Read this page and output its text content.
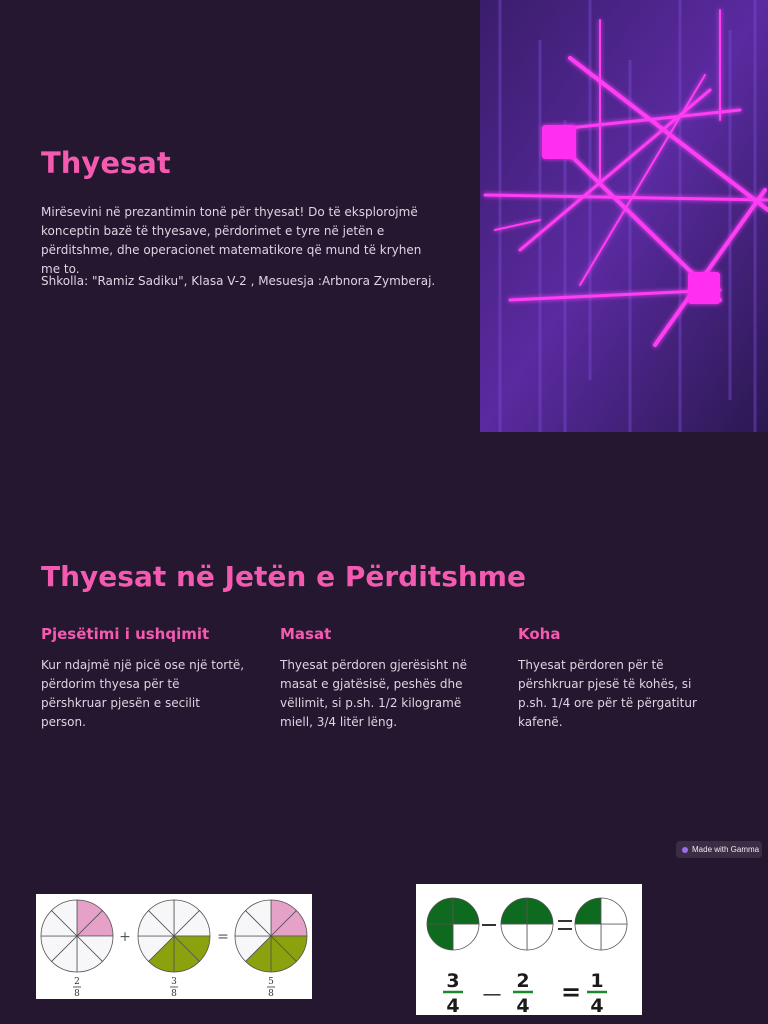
Thyesat

Mirësevini në prezantimin tonë për thyesat! Do të eksplorojmë konceptin bazë të thyesave, përdorimet e tyre në jetën e përditshme, dhe operacionet matematikore që mund të kryhen me to.

Shkolla: "Ramiz Sadiku", Klasa V-2 , Mesuesja :Arbnora Zymberaj.

Thyesat në Jetën e Përditshme
Pjesëtimi i ushqimit

Kur ndajmë një picë ose një tortë, përdorim thyesa për të përshkruar pjesën e secilit person.

Masat

Thyesat përdoren gjerësisht në masat e gjatësisë, peshës dhe vëllimit, si p.sh. 1/2 kilogramë miell, 3/4 litër lëng.

Koha

Thyesat përdoren për të përshkruar pjesë të kohës, si p.sh. 1/4 ore për të përgatitur kafenë.

Made with Gamma
+	=
2
8
3
8
5
8
3
4
—
2
4 = 1
4
